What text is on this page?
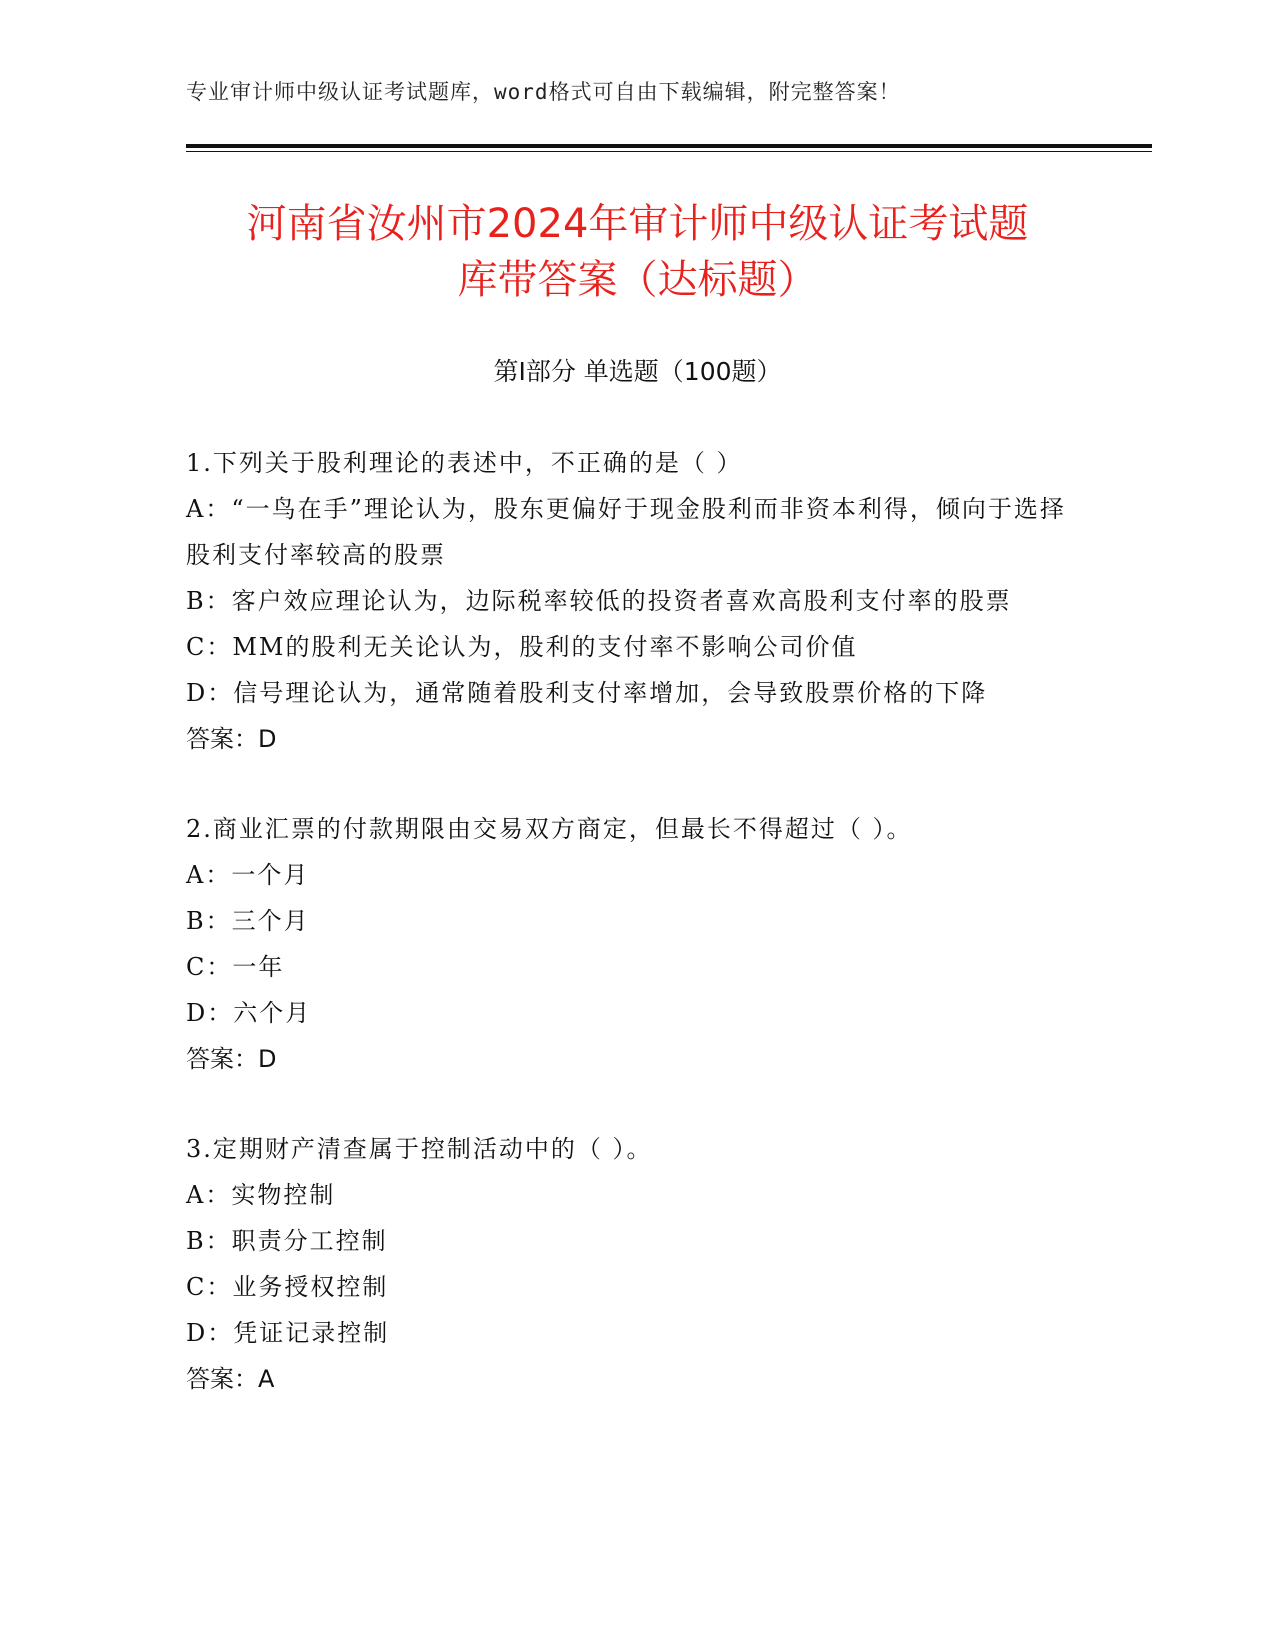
专业审计师中级认证考试题库，word格式可自由下载编辑，附完整答案！
河南省汝州市2024年审计师中级认证考试题
库带答案（达标题）
第Ⅰ部分 单选题（100题）
1.下列关于股利理论的表述中，不正确的是（ ）
A：“一鸟在手”理论认为，股东更偏好于现金股利而非资本利得，倾向于选择股利支付率较高的股票
B：客户效应理论认为，边际税率较低的投资者喜欢高股利支付率的股票
C：MM的股利无关论认为，股利的支付率不影响公司价值
D：信号理论认为，通常随着股利支付率增加，会导致股票价格的下降
答案：D
2.商业汇票的付款期限由交易双方商定，但最长不得超过（ ）。
A：一个月
B：三个月
C：一年
D：六个月
答案：D
3.定期财产清查属于控制活动中的（ ）。
A：实物控制
B：职责分工控制
C：业务授权控制
D：凭证记录控制
答案：A
